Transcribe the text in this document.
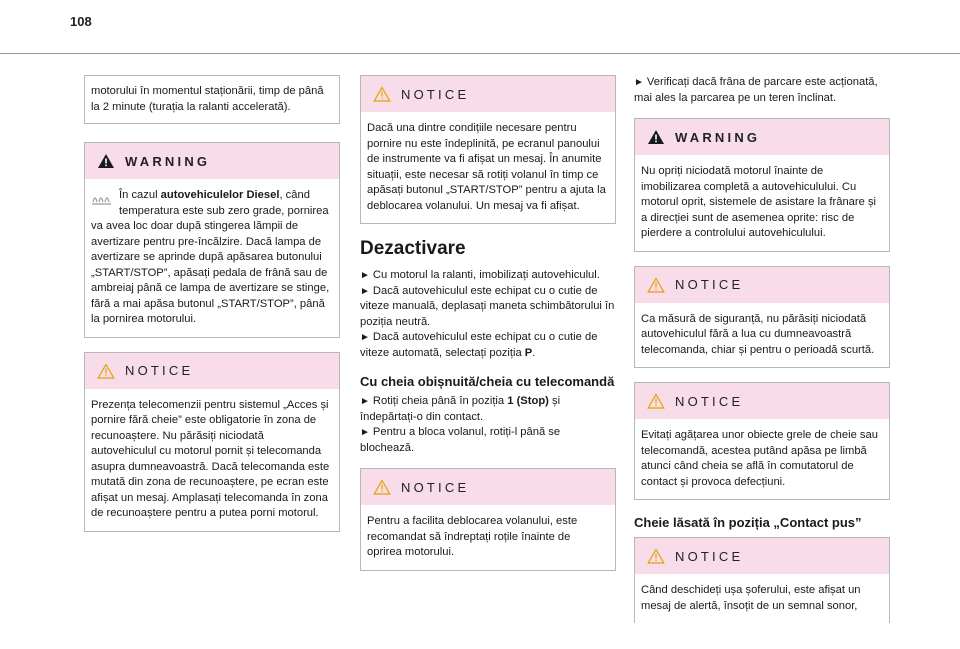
108

motorului în momentul staționării, timp de până la 2 minute (turația la ralanti accelerată).

WARNING
În cazul autovehiculelor Diesel, când temperatura este sub zero grade, pornirea va avea loc doar după stingerea lămpii de avertizare pentru pre-încălzire. Dacă lampa de avertizare se aprinde după apăsarea butonului „START/STOP”, apăsați pedala de frână sau de ambreiaj până ce lampa de avertizare se stinge, fără a mai apăsa butonul „START/STOP”, până la pornirea motorului.
NOTICE
Prezența telecomenzii pentru sistemul „Acces și pornire fără cheie” este obligatorie în zona de recunoaștere. Nu părăsiți niciodată autovehiculul cu motorul pornit și telecomanda asupra dumneavoastră. Dacă telecomanda este mutată din zona de recunoaștere, pe ecran este afișat un mesaj. Amplasați telecomanda în zona de recunoaștere pentru a putea porni motorul.
NOTICE
Dacă una dintre condițiile necesare pentru pornire nu este îndeplinită, pe ecranul panoului de instrumente va fi afișat un mesaj. În anumite situații, este necesar să rotiți volanul în timp ce apăsați butonul „START/STOP” pentru a ajuta la deblocarea volanului. Un mesaj va fi afișat.
Dezactivare
► Cu motorul la ralanti, imobilizați autovehiculul.
► Dacă autovehiculul este echipat cu o cutie de viteze manuală, deplasați maneta schimbătorului în poziția neutră.
► Dacă autovehiculul este echipat cu o cutie de viteze automată, selectați poziția P.
Cu cheia obișnuită/cheia cu telecomandă
► Rotiți cheia până în poziția 1 (Stop) și îndepărtați-o din contact.
► Pentru a bloca volanul, rotiți-l până se blochează.
NOTICE
Pentru a facilita deblocarea volanului, este recomandat să îndreptați roțile înainte de oprirea motorului.
► Verificați dacă frâna de parcare este acționată, mai ales la parcarea pe un teren înclinat.
WARNING
Nu opriți niciodată motorul înainte de imobilizarea completă a autovehiculului. Cu motorul oprit, sistemele de asistare la frânare și a direcției sunt de asemenea oprite: risc de pierdere a controlului autovehiculului.
NOTICE
Ca măsură de siguranță, nu părăsiți niciodată autovehiculul fără a lua cu dumneavoastră telecomanda, chiar și pentru o perioadă scurtă.
NOTICE
Evitați agățarea unor obiecte grele de cheie sau telecomandă, acestea putând apăsa pe limbă atunci când cheia se află în comutatorul de contact și provoca defecțiuni.
Cheie lăsată în poziția „Contact pus”
NOTICE
Când deschideți ușa șoferului, este afișat un mesaj de alertă, însoțit de un semnal sonor,
